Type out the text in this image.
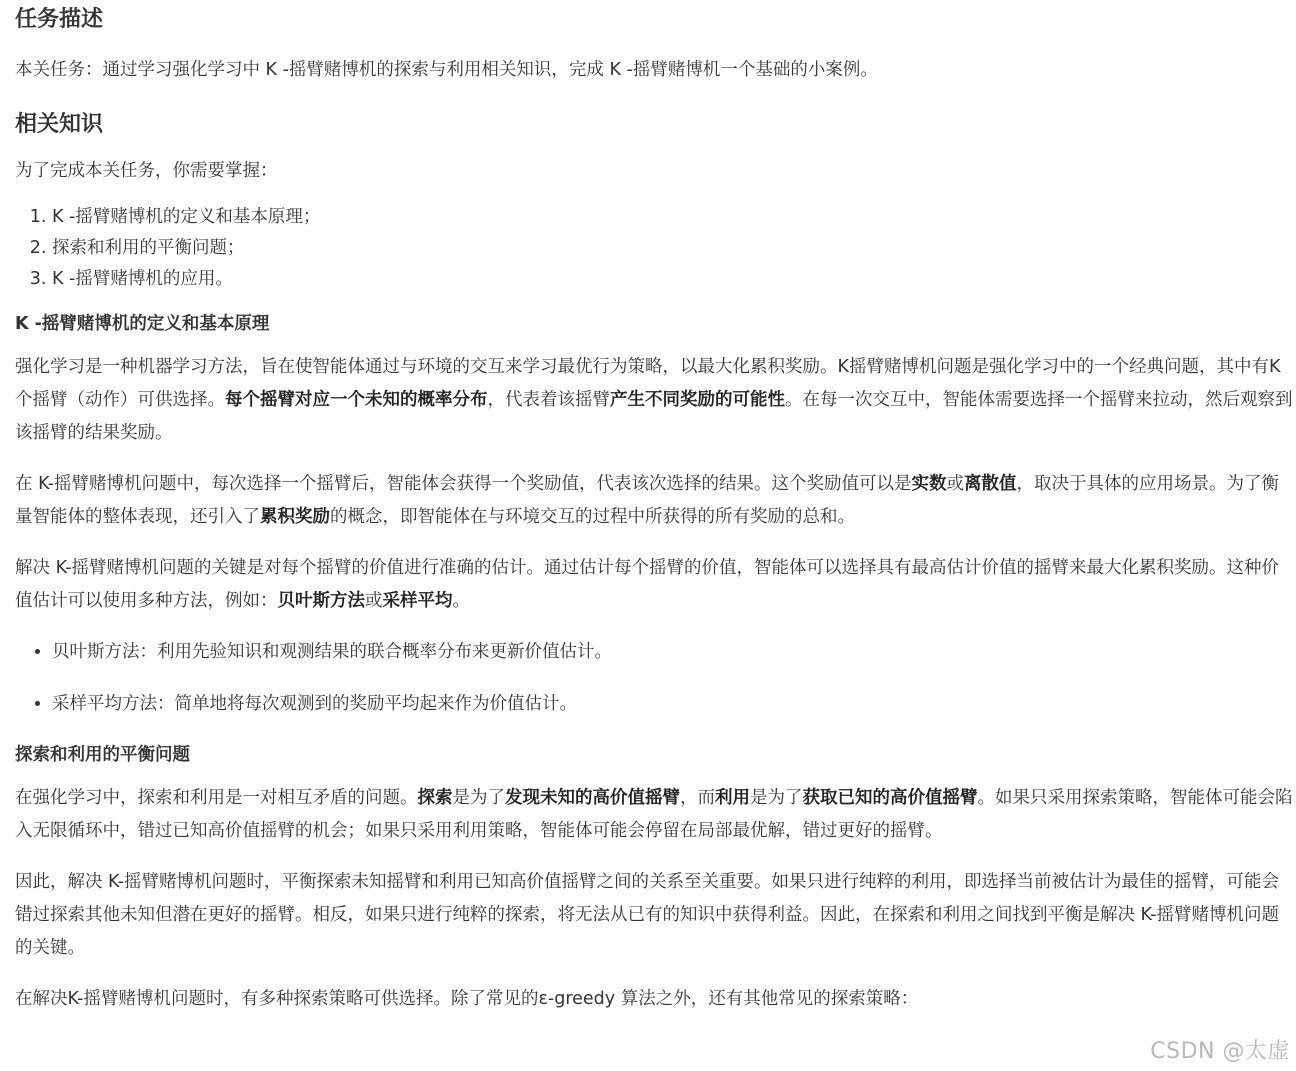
任务描述

本关任务：通过学习强化学习中 K -摇臂赌博机的探索与利用相关知识，完成 K -摇臂赌博机一个基础的小案例。

相关知识

为了完成本关任务，你需要掌握：

1. K -摇臂赌博机的定义和基本原理；
2. 探索和利用的平衡问题；
3. K -摇臂赌博机的应用。
K -摇臂赌博机的定义和基本原理

强化学习是一种机器学习方法，旨在使智能体通过与环境的交互来学习最优行为策略，以最大化累积奖励。K摇臂赌博机问题是强化学习中的一个经典问题，其中有K个摇臂（动作）可供选择。每个摇臂对应一个未知的概率分布，代表着该摇臂产生不同奖励的可能性。在每一次交互中，智能体需要选择一个摇臂来拉动，然后观察到该摇臂的结果奖励。

在 K-摇臂赌博机问题中，每次选择一个摇臂后，智能体会获得一个奖励值，代表该次选择的结果。这个奖励值可以是实数或离散值，取决于具体的应用场景。为了衡量智能体的整体表现，还引入了累积奖励的概念，即智能体在与环境交互的过程中所获得的所有奖励的总和。

解决 K-摇臂赌博机问题的关键是对每个摇臂的价值进行准确的估计。通过估计每个摇臂的价值，智能体可以选择具有最高估计价值的摇臂来最大化累积奖励。这种价值估计可以使用多种方法，例如：贝叶斯方法或采样平均。

• 贝叶斯方法：利用先验知识和观测结果的联合概率分布来更新价值估计。
• 采样平均方法：简单地将每次观测到的奖励平均起来作为价值估计。
探索和利用的平衡问题

在强化学习中，探索和利用是一对相互矛盾的问题。探索是为了发现未知的高价值摇臂，而利用是为了获取已知的高价值摇臂。如果只采用探索策略，智能体可能会陷入无限循环中，错过已知高价值摇臂的机会；如果只采用利用策略，智能体可能会停留在局部最优解，错过更好的摇臂。

因此，解决 K-摇臂赌博机问题时，平衡探索未知摇臂和利用已知高价值摇臂之间的关系至关重要。如果只进行纯粹的利用，即选择当前被估计为最佳的摇臂，可能会错过探索其他未知但潜在更好的摇臂。相反，如果只进行纯粹的探索，将无法从已有的知识中获得利益。因此，在探索和利用之间找到平衡是解决 K-摇臂赌博机问题的关键。

在解决K-摇臂赌博机问题时，有多种探索策略可供选择。除了常见的ε-greedy 算法之外，还有其他常见的探索策略：

CSDN @太虚
